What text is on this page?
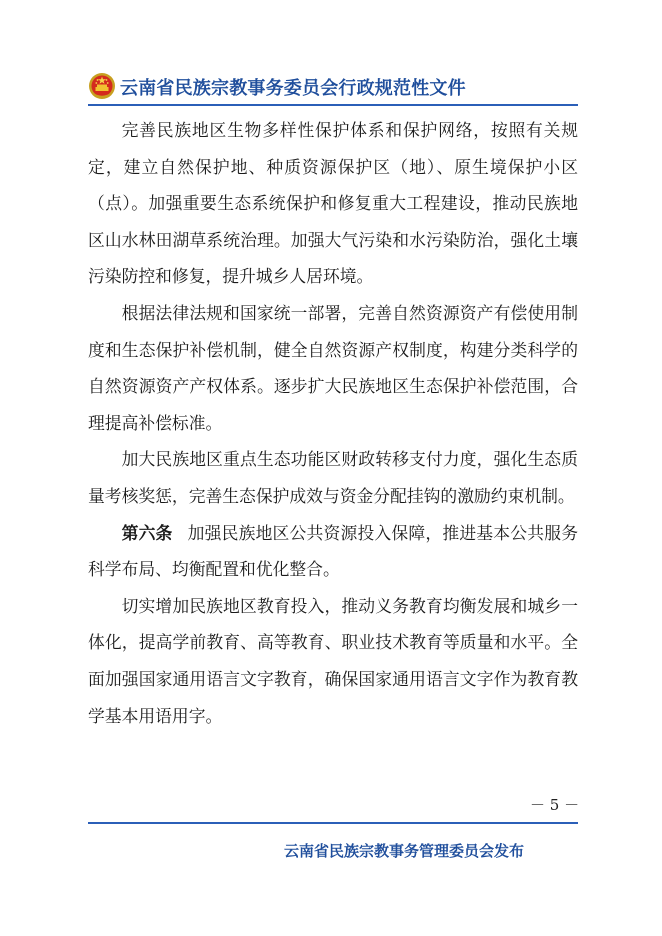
云南省民族宗教事务委员会行政规范性文件

完善民族地区生物多样性保护体系和保护网络，按照有关规定，建立自然保护地、种质资源保护区（地）、原生境保护小区（点）。加强重要生态系统保护和修复重大工程建设，推动民族地区山水林田湖草系统治理。加强大气污染和水污染防治，强化土壤污染防控和修复，提升城乡人居环境。

根据法律法规和国家统一部署，完善自然资源资产有偿使用制度和生态保护补偿机制，健全自然资源产权制度，构建分类科学的自然资源资产产权体系。逐步扩大民族地区生态保护补偿范围，合理提高补偿标准。

加大民族地区重点生态功能区财政转移支付力度，强化生态质量考核奖惩，完善生态保护成效与资金分配挂钩的激励约束机制。

第六条 加强民族地区公共资源投入保障，推进基本公共服务科学布局、均衡配置和优化整合。

切实增加民族地区教育投入，推动义务教育均衡发展和城乡一体化，提高学前教育、高等教育、职业技术教育等质量和水平。全面加强国家通用语言文字教育，确保国家通用语言文字作为教育教学基本用语用字。

－ 5 －
云南省民族宗教事务管理委员会发布
